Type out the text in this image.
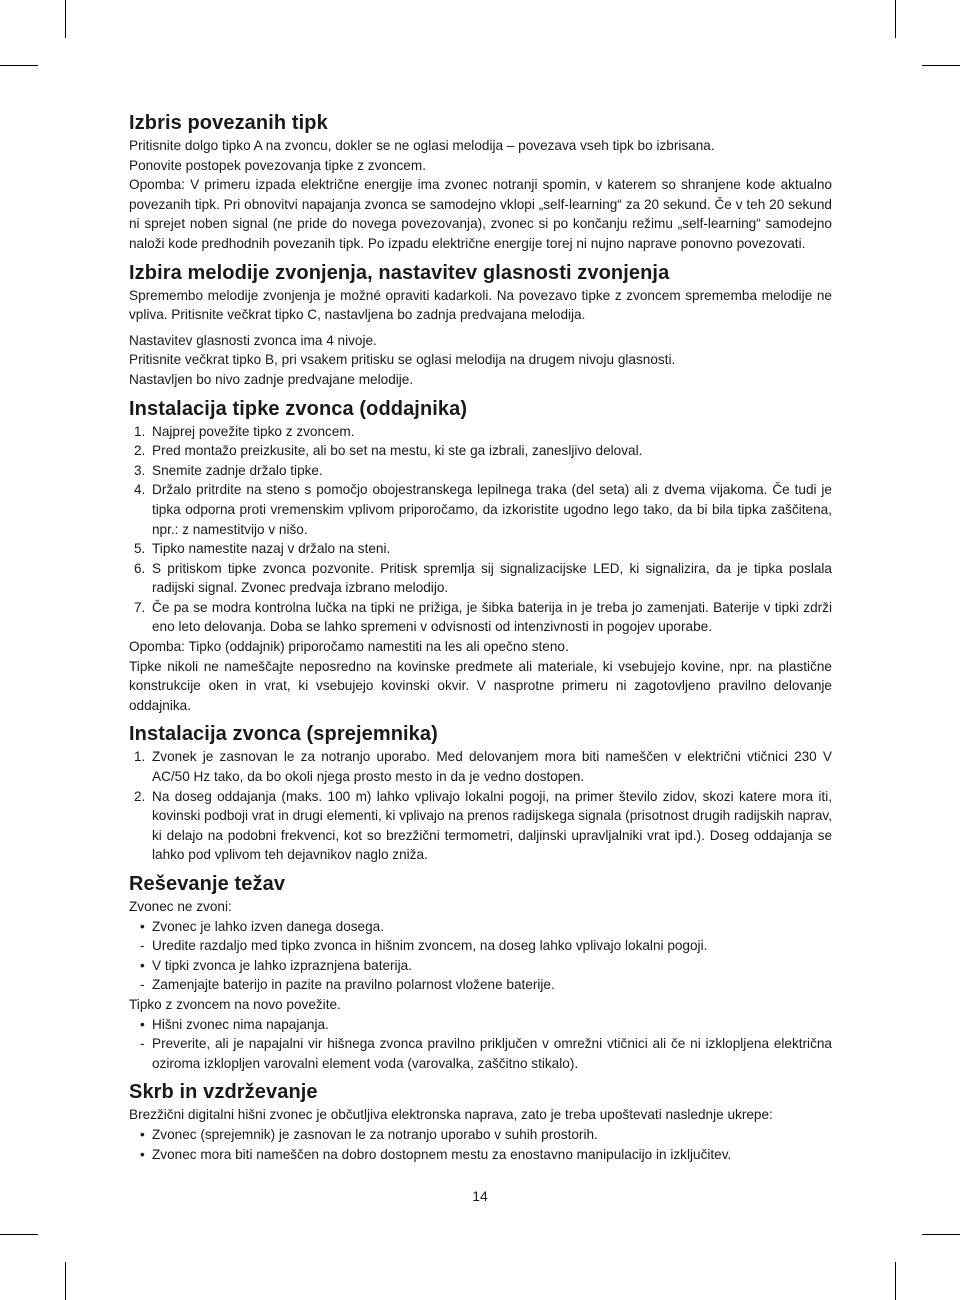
Izbris povezanih tipk

Pritisnite dolgo tipko A na zvoncu, dokler se ne oglasi melodija – povezava vseh tipk bo izbrisana.

Ponovite postopek povezovanja tipke z zvoncem.

Opomba: V primeru izpada električne energije ima zvonec notranji spomin, v katerem so shranjene kode aktualno povezanih tipk. Pri obnovitvi napajanja zvonca se samodejno vklopi „self-learning“ za 20 sekund. Če v teh 20 sekund ni sprejet noben signal (ne pride do novega povezovanja), zvonec si po končanju režimu „self-learning“ samodejno naloži kode predhodnih povezanih tipk. Po izpadu električne energije torej ni nujno naprave ponovno povezovati.

Izbira melodije zvonjenja, nastavitev glasnosti zvonjenja

Spremembo melodije zvonjenja je možné opraviti kadarkoli. Na povezavo tipke z zvoncem sprememba melodije ne vpliva. Pritisnite večkrat tipko C, nastavljena bo zadnja predvajana melodija.

Nastavitev glasnosti zvonca ima 4 nivoje.

Pritisnite večkrat tipko B, pri vsakem pritisku se oglasi melodija na drugem nivoju glasnosti.

Nastavljen bo nivo zadnje predvajane melodije.

Instalacija tipke zvonca (oddajnika)
1. Najprej povežite tipko z zvoncem.
2. Pred montažo preizkusite, ali bo set na mestu, ki ste ga izbrali, zanesljivo deloval.
3. Snemite zadnje držalo tipke.
4. Držalo pritrdite na steno s pomočjo obojestranskega lepilnega traka (del seta) ali z dvema vijakoma. Če tudi je tipka odporna proti vremenskim vplivom priporočamo, da izkoristite ugodno lego tako, da bi bila tipka zaščitena, npr.: z namestitvijo v nišo.
5. Tipko namestite nazaj v držalo na steni.
6. S pritiskom tipke zvonca pozvonite. Pritisk spremlja sij signalizacijske LED, ki signalizira, da je tipka poslala radijski signal. Zvonec predvaja izbrano melodijo.
7. Če pa se modra kontrolna lučka na tipki ne prižiga, je šibka baterija in je treba jo zamenjati. Baterije v tipki zdrži eno leto delovanja. Doba se lahko spremeni v odvisnosti od intenzivnosti in pogojev uporabe.

Opomba: Tipko (oddajnik) priporočamo namestiti na les ali opečno steno.

Tipke nikoli ne nameščajte neposredno na kovinske predmete ali materiale, ki vsebujejo kovine, npr. na plastične konstrukcije oken in vrat, ki vsebujejo kovinski okvir. V nasprotne primeru ni zagotovljeno pravilno delovanje oddajnika.

Instalacija zvonca (sprejemnika)
1. Zvonek je zasnovan le za notranjo uporabo. Med delovanjem mora biti nameščen v električni vtičnici 230 V AC/50 Hz tako, da bo okoli njega prosto mesto in da je vedno dostopen.
2. Na doseg oddajanja (maks. 100 m) lahko vplivajo lokalni pogoji, na primer število zidov, skozi katere mora iti, kovinski podboji vrat in drugi elementi, ki vplivajo na prenos radijskega signala (prisotnost drugih radijskih naprav, ki delajo na podobni frekvenci, kot so brezžični termometri, daljinski upravljalniki vrat ipd.). Doseg oddajanja se lahko pod vplivom teh dejavnikov naglo zniža.
Reševanje težav

Zvonec ne zvoni:

• Zvonec je lahko izven danega dosega.
- Uredite razdaljo med tipko zvonca in hišnim zvoncem, na doseg lahko vplivajo lokalni pogoji.
• V tipki zvonca je lahko izpraznjena baterija.
- Zamenjajte baterijo in pazite na pravilno polarnost vložene baterije.

Tipko z zvoncem na novo povežite.

• Hišni zvonec nima napajanja.
- Preverite, ali je napajalni vir hišnega zvonca pravilno priključen v omrežni vtičnici ali če ni izklopljena električna oziroma izklopljen varovalni element voda (varovalka, zaščitno stikalo).
Skrb in vzdrževanje

Brezžični digitalni hišni zvonec je občutljiva elektronska naprava, zato je treba upoštevati naslednje ukrepe:

• Zvonec (sprejemnik) je zasnovan le za notranjo uporabo v suhih prostorih.
• Zvonec mora biti nameščen na dobro dostopnem mestu za enostavno manipulacijo in izključitev.
14
